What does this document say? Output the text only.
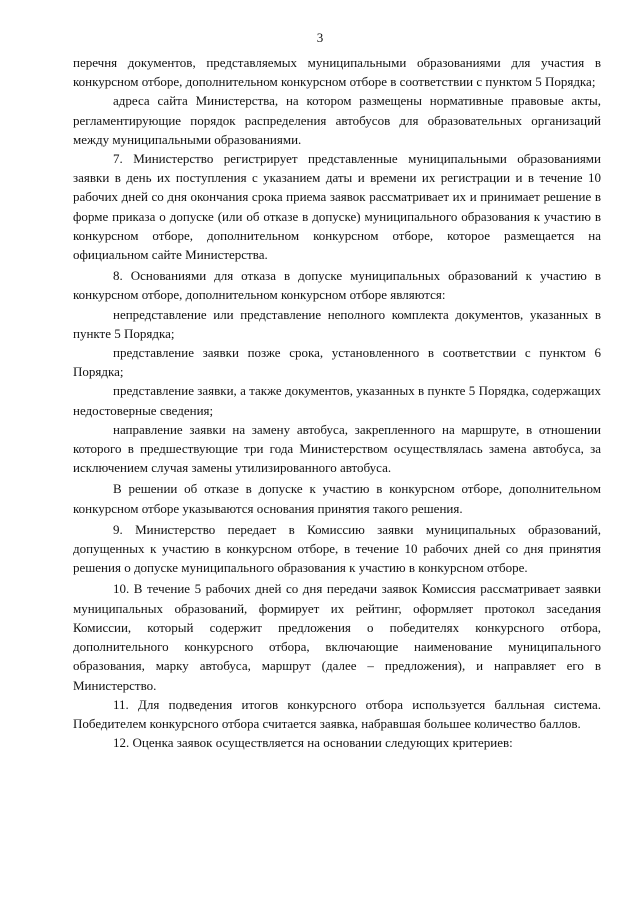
3

перечня документов, представляемых муниципальными образованиями для участия в конкурсном отборе, дополнительном конкурсном отборе в соответствии с пунктом 5 Порядка;

адреса сайта Министерства, на котором размещены нормативные правовые акты, регламентирующие порядок распределения автобусов для образовательных организаций между муниципальными образованиями.

7. Министерство регистрирует представленные муниципальными образованиями заявки в день их поступления с указанием даты и времени их регистрации и в течение 10 рабочих дней со дня окончания срока приема заявок рассматривает их и принимает решение в форме приказа о допуске (или об отказе в допуске) муниципального образования к участию в конкурсном отборе, дополнительном конкурсном отборе, которое размещается на официальном сайте Министерства.

8. Основаниями для отказа в допуске муниципальных образований к участию в конкурсном отборе, дополнительном конкурсном отборе являются:

непредставление или представление неполного комплекта документов, указанных в пункте 5 Порядка;

представление заявки позже срока, установленного в соответствии с пунктом 6 Порядка;

представление заявки, а также документов, указанных в пункте 5 Порядка, содержащих недостоверные сведения;

направление заявки на замену автобуса, закрепленного на маршруте, в отношении которого в предшествующие три года Министерством осуществлялась замена автобуса, за исключением случая замены утилизированного автобуса.

В решении об отказе в допуске к участию в конкурсном отборе, дополнительном конкурсном отборе указываются основания принятия такого решения.

9. Министерство передает в Комиссию заявки муниципальных образований, допущенных к участию в конкурсном отборе, в течение 10 рабочих дней со дня принятия решения о допуске муниципального образования к участию в конкурсном отборе.

10. В течение 5 рабочих дней со дня передачи заявок Комиссия рассматривает заявки муниципальных образований, формирует их рейтинг, оформляет протокол заседания Комиссии, который содержит предложения о победителях конкурсного отбора, дополнительного конкурсного отбора, включающие наименование муниципального образования, марку автобуса, маршрут (далее – предложения), и направляет его в Министерство.

11. Для подведения итогов конкурсного отбора используется балльная система. Победителем конкурсного отбора считается заявка, набравшая большее количество баллов.

12. Оценка заявок осуществляется на основании следующих критериев:
